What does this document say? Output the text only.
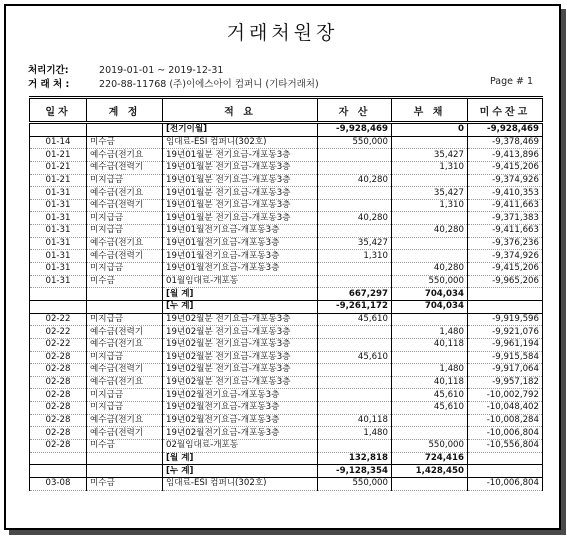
거래처원장
처리기간:	2019-01-01 ~ 2019-12-31
거 래 처 :	220-88-11768 (주)이에스아이 컴퍼니 (기타거래처)	Page # 1
일자	계 정	적 요	자 산	부 채	미수잔고
		[전기이월]	-9,928,469	0	-9,928,469
01-14	미수금	임대료-ESI 컴퍼니(302호)	550,000		-9,378,469
01-21	예수금(전기요	19년01월분 전기요금-개포동3층		35,427	-9,413,896
01-21	예수금(전력기	19년01월분 전기요금-개포동3층		1,310	-9,415,206
01-21	미지급금	19년01월분 전기요금-개포동3층	40,280		-9,374,926
01-31	예수금(전기요	19년01월분 전기요금-개포동3층		35,427	-9,410,353
01-31	예수금(전력기	19년01월분 전기요금-개포동3층		1,310	-9,411,663
01-31	미지급금	19년01월분 전기요금-개포동3층	40,280		-9,371,383
01-31	미지급금	19년01월전기요금-개포동3층		40,280	-9,411,663
01-31	예수금(전기요	19년01월전기요금-개포동3층	35,427		-9,376,236
01-31	예수금(전력기	19년01월전기요금-개포동3층	1,310		-9,374,926
01-31	미지급금	19년01월전기요금-개포동3층		40,280	-9,415,206
01-31	미수금	01월임대료-개포동		550,000	-9,965,206
		[월 계]	667,297	704,034	
		[누 계]	-9,261,172	704,034	
02-22	미지급금	19년02월분 전기요금-개포동3층	45,610		-9,919,596
02-22	예수금(전력기	19년02월분 전기요금-개포동3층		1,480	-9,921,076
02-22	예수금(전기요	19년02월분 전기요금-개포동3층		40,118	-9,961,194
02-28	미지급금	19년02월분 전기요금-개포동3층	45,610		-9,915,584
02-28	예수금(전력기	19년02월분 전기요금-개포동3층		1,480	-9,917,064
02-28	예수금(전기요	19년02월분 전기요금-개포동3층		40,118	-9,957,182
02-28	미지급금	19년02월전기요금-개포동3층		45,610	-10,002,792
02-28	미지급금	19년02월전기요금-개포동3층		45,610	-10,048,402
02-28	예수금(전기요	19년02월전기요금-개포동3층	40,118		-10,008,284
02-28	예수금(전력기	19년02월전기요금-개포동3층	1,480		-10,006,804
02-28	미수금	02월임대료-개포동		550,000	-10,556,804
		[월 계]	132,818	724,416	
		[누 계]	-9,128,354	1,428,450	
03-08	미수금	임대료-ESI 컴퍼니(302호)	550,000		-10,006,804
